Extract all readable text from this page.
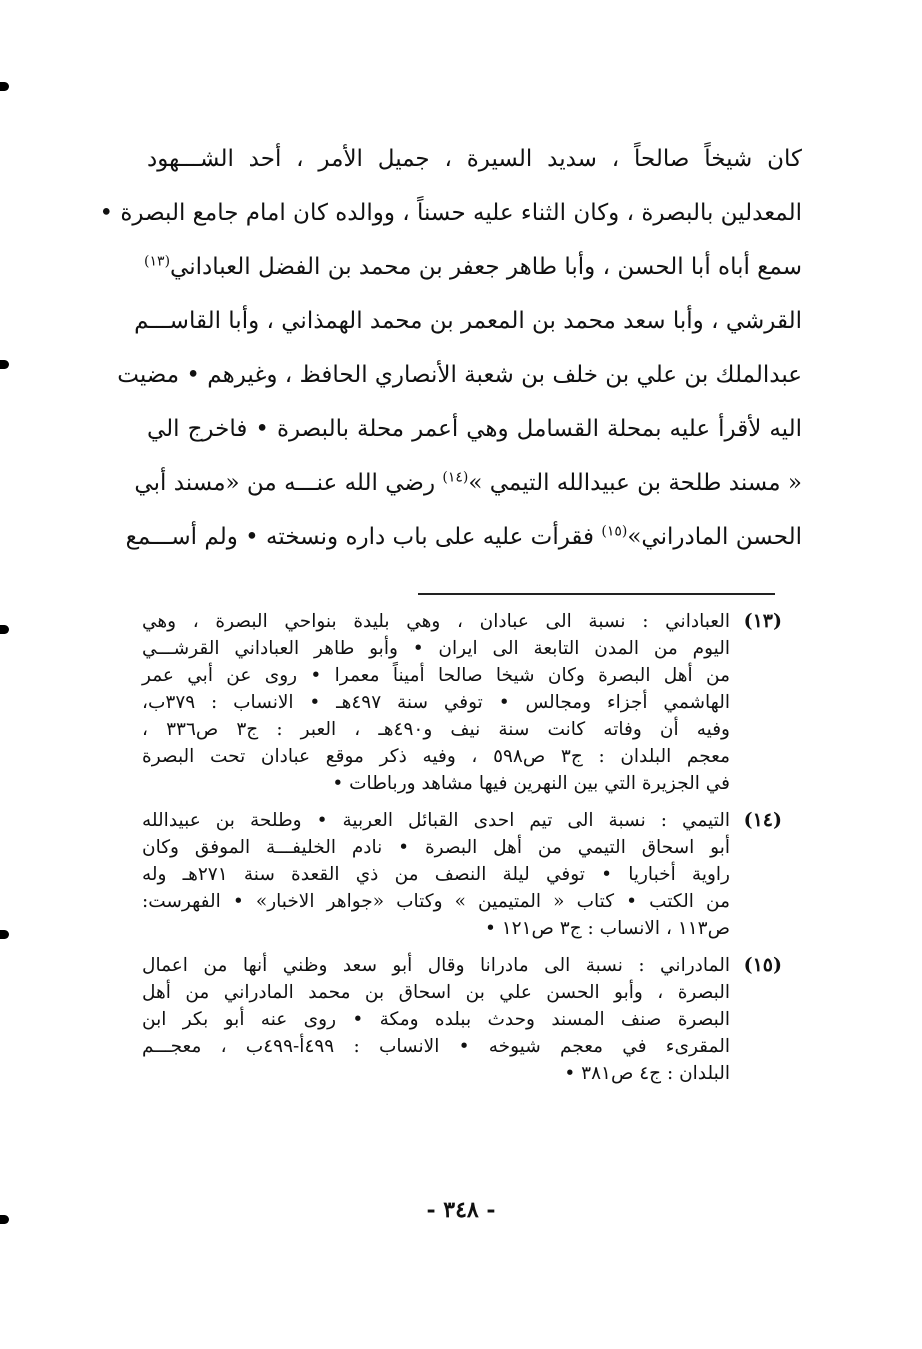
كان شيخاً صالحاً ، سديد السيرة ، جميل الأمر ، أحد الشـــهود
المعدلين بالبصرة ، وكان الثناء عليه حسناً ، ووالده كان امام جامع البصرة •
سمع أباه أبا الحسن ، وأبا طاهر جعفر بن محمد بن الفضل العباداني$^{(١٣)}$
القرشي ، وأبا سعد محمد بن المعمر بن محمد الهمذاني ، وأبا القاســـم
عبدالملك بن علي بن خلف بن شعبة الأنصاري الحافظ ، وغيرهم • مضيت
اليه لأقرأ عليه بمحلة القسامل وهي أعمر محلة بالبصرة • فاخرج الي
« مسند طلحة بن عبيدالله التيمي »$^{(١٤)}$ رضي الله عنـــه من «مسند أبي
الحسن المادراني»$^{(١٥)}$ فقرأت عليه على باب داره ونسخته • ولم أســـمع
(١٣)
العباداني : نسبة الى عبادان ، وهي بليدة بنواحي البصرة ، وهي
اليوم من المدن التابعة الى ايران • وأبو طاهر العباداني القرشـــي
من أهل البصرة وكان شيخا صالحا أميناً معمرا • روى عن أبي عمر
الهاشمي أجزاء ومجالس • توفي سنة ٤٩٧هـ • الانساب : ٣٧٩ب،
وفيه أن وفاته كانت سنة نيف و٤٩٠هـ ، العبر : ج٣ ص٣٣٦ ،
معجم البلدان : ج٣ ص٥٩٨ ، وفيه ذكر موقع عبادان تحت البصرة
في الجزيرة التي بين النهرين فيها مشاهد ورباطات •
(١٤)
التيمي : نسبة الى تيم احدى القبائل العربية • وطلحة بن عبيدالله
أبو اسحاق التيمي من أهل البصرة • نادم الخليفـــة الموفق وكان
راوية أخباريا • توفي ليلة النصف من ذي القعدة سنة ٢٧١هـ وله
من الكتب • كتاب « المتيمين » وكتاب «جواهر الاخبار» • الفهرست:
ص١١٣ ، الانساب : ج٣ ص١٢١ •
(١٥)
المادراني : نسبة الى مادرانا وقال أبو سعد وظني أنها من اعمال
البصرة ، وأبو الحسن علي بن اسحاق بن محمد المادراني من أهل
البصرة صنف المسند وحدث ببلده ومكة • روى عنه أبو بكر ابن
المقرىء في معجم شيوخه • الانساب : ٤٩٩أ-٤٩٩ب ، معجـــم
البلدان : ج٤ ص٣٨١ •
- ٣٤٨ -
